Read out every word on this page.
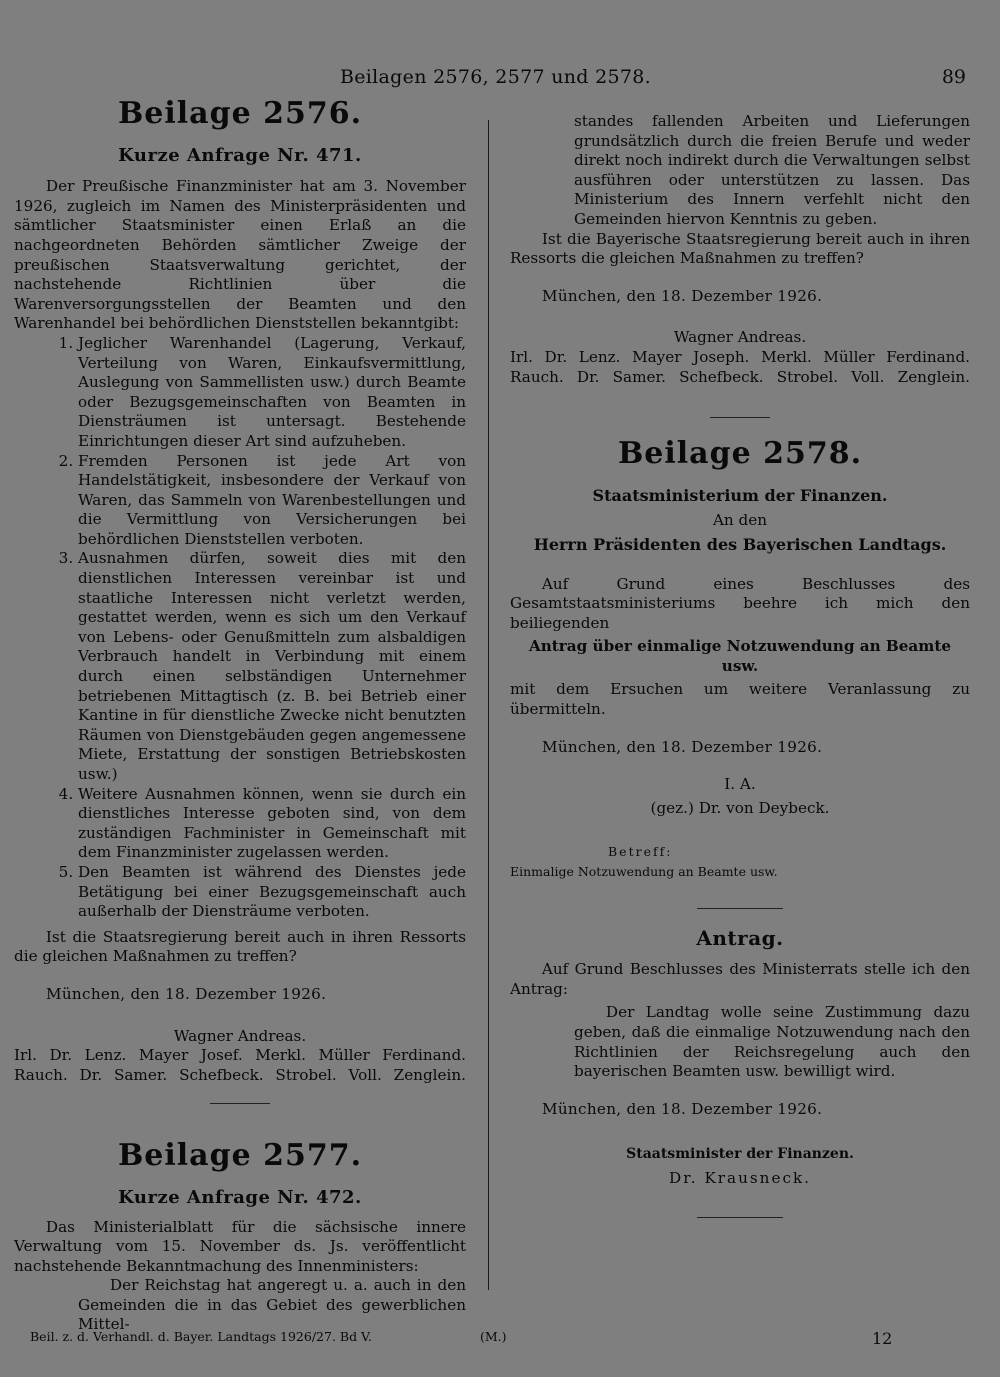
Beilagen 2576, 2577 und 2578.	89
Beilage 2576.
Kurze Anfrage Nr. 471.

Der Preußische Finanzminister hat am 3. November 1926, zugleich im Namen des Ministerpräsidenten und sämtlicher Staatsminister einen Erlaß an die nachgeordneten Behörden sämtlicher Zweige der preußischen Staatsverwaltung gerichtet, der nachstehende Richtlinien über die Warenversorgungsstellen der Beamten und den Warenhandel bei behördlichen Dienststellen bekanntgibt:

1. Jeglicher Warenhandel (Lagerung, Verkauf, Verteilung von Waren, Einkaufsvermittlung, Auslegung von Sammellisten usw.) durch Beamte oder Bezugsgemeinschaften von Beamten in Diensträumen ist untersagt. Bestehende Einrichtungen dieser Art sind aufzuheben.
2. Fremden Personen ist jede Art von Handelstätigkeit, insbesondere der Verkauf von Waren, das Sammeln von Warenbestellungen und die Vermittlung von Versicherungen bei behördlichen Dienststellen verboten.
3. Ausnahmen dürfen, soweit dies mit den dienstlichen Interessen vereinbar ist und staatliche Interessen nicht verletzt werden, gestattet werden, wenn es sich um den Verkauf von Lebens- oder Genußmitteln zum alsbaldigen Verbrauch handelt in Verbindung mit einem durch einen selbständigen Unternehmer betriebenen Mittagtisch (z. B. bei Betrieb einer Kantine in für dienstliche Zwecke nicht benutzten Räumen von Dienstgebäuden gegen angemessene Miete, Erstattung der sonstigen Betriebskosten usw.)
4. Weitere Ausnahmen können, wenn sie durch ein dienstliches Interesse geboten sind, von dem zuständigen Fachminister in Gemeinschaft mit dem Finanzminister zugelassen werden.
5. Den Beamten ist während des Dienstes jede Betätigung bei einer Bezugsgemeinschaft auch außerhalb der Diensträume verboten.

Ist die Staatsregierung bereit auch in ihren Ressorts die gleichen Maßnahmen zu treffen?

München, den 18. Dezember 1926.

Wagner Andreas.

Irl. Dr. Lenz. Mayer Josef. Merkl. Müller Ferdinand.

Rauch. Dr. Samer. Schefbeck. Strobel. Voll. Zenglein.

Beilage 2577.
Kurze Anfrage Nr. 472.

Das Ministerialblatt für die sächsische innere Verwaltung vom 15. November ds. Js. veröffentlicht nachstehende Bekanntmachung des Innenministers:

Der Reichstag hat angeregt u. a. auch in den Gemeinden die in das Gebiet des gewerblichen Mittel-

standes fallenden Arbeiten und Lieferungen grundsätzlich durch die freien Berufe und weder direkt noch indirekt durch die Verwaltungen selbst ausführen oder unterstützen zu lassen. Das Ministerium des Innern verfehlt nicht den Gemeinden hiervon Kenntnis zu geben.

Ist die Bayerische Staatsregierung bereit auch in ihren Ressorts die gleichen Maßnahmen zu treffen?

München, den 18. Dezember 1926.

Wagner Andreas.

Irl. Dr. Lenz. Mayer Joseph. Merkl. Müller Ferdinand.

Rauch. Dr. Samer. Schefbeck. Strobel. Voll. Zenglein.

Beilage 2578.

Staatsministerium der Finanzen.

An den

Herrn Präsidenten des Bayerischen Landtags.

Auf Grund eines Beschlusses des Gesamtstaatsministeriums beehre ich mich den beiliegenden

Antrag über einmalige Notzuwendung an Beamte usw.

mit dem Ersuchen um weitere Veranlassung zu übermitteln.

München, den 18. Dezember 1926.

I. A.

(gez.) Dr. von Deybeck.

Betreff:

Einmalige Notzuwendung an Beamte usw.

Antrag.

Auf Grund Beschlusses des Ministerrats stelle ich den Antrag:

Der Landtag wolle seine Zustimmung dazu geben, daß die einmalige Notzuwendung nach den Richtlinien der Reichsregelung auch den bayerischen Beamten usw. bewilligt wird.

München, den 18. Dezember 1926.

Staatsminister der Finanzen.

Dr. Krausneck.

Beil. z. d. Verhandl. d. Bayer. Landtags 1926/27. Bd V.	(M.)	12
